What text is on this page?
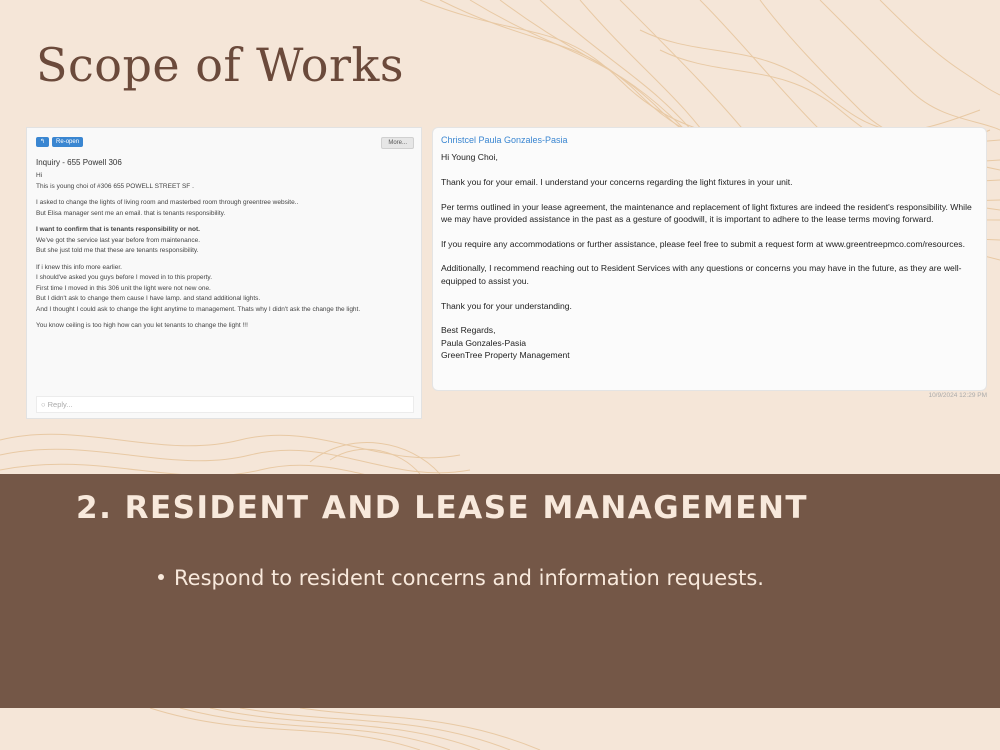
Scope of Works
↰	Re-open	More...
Inquiry - 655 Powell 306
Hi
This is young choi of #306 655 POWELL STREET SF .
I asked to change the lights of living room and masterbed room through greentree website..
But Elisa manager sent me an email. that is tenants responsibility.
I want to confirm that is tenants responsibility or not.
We've got the service last year before from maintenance.
But she just told me that these are tenants responsibility.
If i knew this info more earlier.
I should've asked you guys before I moved in to this property.
First time I moved in this 306 unit the light were not new one.
But I didn't ask to change them cause I have lamp. and stand additional lights.
And I thought I could ask to change the light anytime to management. Thats why I didn't ask the change the light.
You know ceiling is too high how can you let tenants to change the light !!!
○ Reply...
Christcel Paula Gonzales-Pasia

Hi Young Choi,

Thank you for your email. I understand your concerns regarding the light fixtures in your unit.

Per terms outlined in your lease agreement, the maintenance and replacement of light fixtures are indeed the resident's responsibility. While we may have provided assistance in the past as a gesture of goodwill, it is important to adhere to the lease terms moving forward.

If you require any accommodations or further assistance, please feel free to submit a request form at www.greentreepmco.com/resources.

Additionally, I recommend reaching out to Resident Services with any questions or concerns you may have in the future, as they are well-equipped to assist you.

Thank you for your understanding.

Best Regards,
Paula Gonzales-Pasia
GreenTree Property Management
10/9/2024 12:29 PM
2. RESIDENT AND LEASE MANAGEMENT
Respond to resident concerns and information requests.
